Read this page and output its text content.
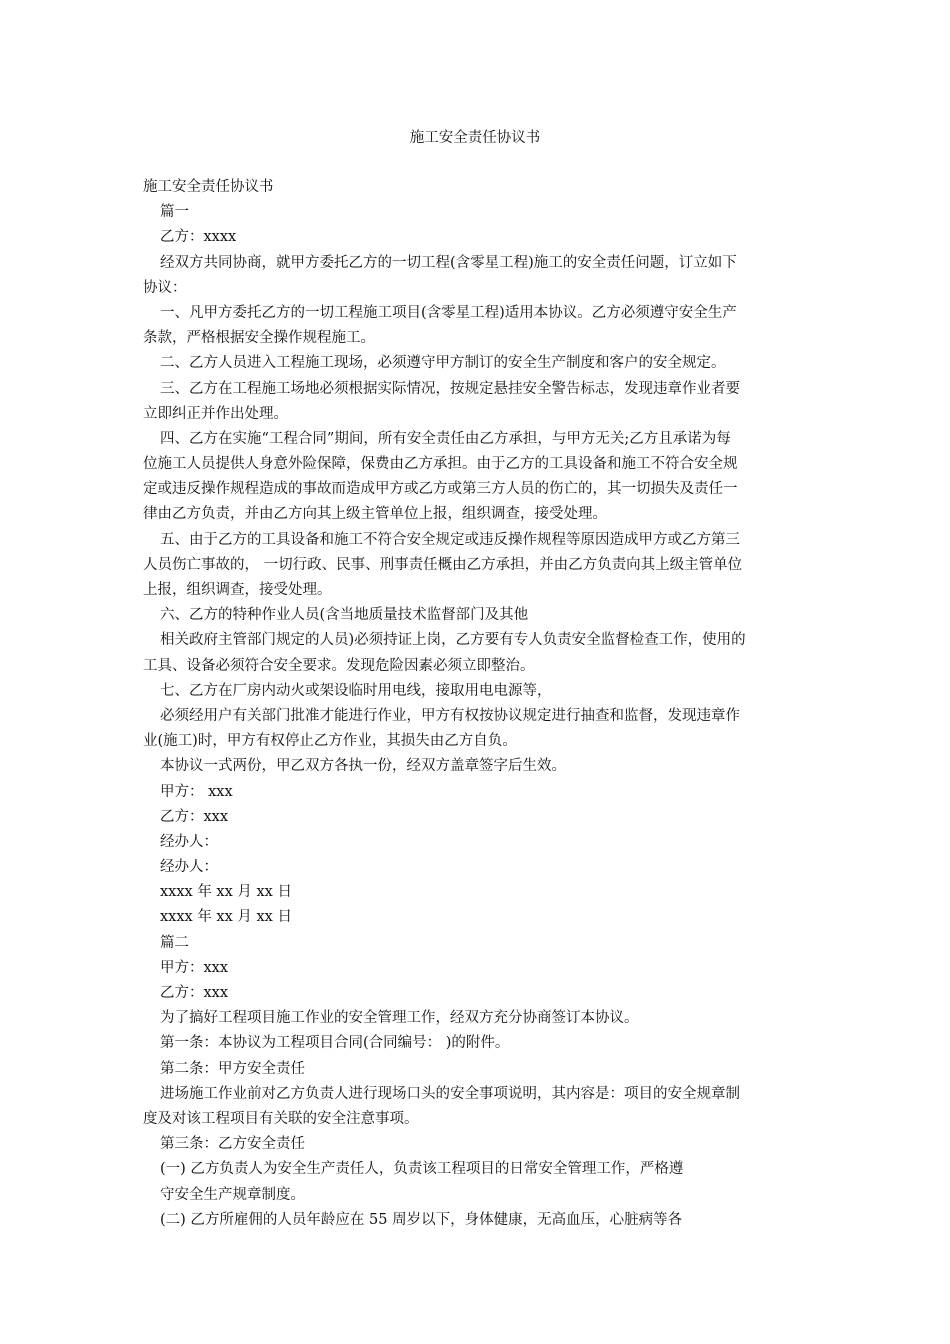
施工安全责任协议书
施工安全责任协议书
篇一
乙方：xxxx
经双方共同协商，就甲方委托乙方的一切工程(含零星工程)施工的安全责任问题，订立如下
协议：
一、凡甲方委托乙方的一切工程施工项目(含零星工程)适用本协议。乙方必须遵守安全生产
条款，严格根据安全操作规程施工。
二、乙方人员进入工程施工现场，必须遵守甲方制订的安全生产制度和客户的安全规定。
三、乙方在工程施工场地必须根据实际情况，按规定悬挂安全警告标志，发现违章作业者要
立即纠正并作出处理。
四、乙方在实施“工程合同”期间，所有安全责任由乙方承担，与甲方无关;乙方且承诺为每
位施工人员提供人身意外险保障，保费由乙方承担。由于乙方的工具设备和施工不符合安全规
定或违反操作规程造成的事故而造成甲方或乙方或第三方人员的伤亡的，其一切损失及责任一
律由乙方负责，并由乙方向其上级主管单位上报，组织调查，接受处理。
五、由于乙方的工具设备和施工不符合安全规定或违反操作规程等原因造成甲方或乙方第三
人员伤亡事故的， 一切行政、民事、刑事责任概由乙方承担，并由乙方负责向其上级主管单位
上报，组织调查，接受处理。
六、乙方的特种作业人员(含当地质量技术监督部门及其他
相关政府主管部门规定的人员)必须持证上岗，乙方要有专人负责安全监督检查工作，使用的
工具、设备必须符合安全要求。发现危险因素必须立即整治。
七、乙方在厂房内动火或架设临时用电线，接取用电电源等，
必须经用户有关部门批准才能进行作业，甲方有权按协议规定进行抽查和监督，发现违章作
业(施工)时，甲方有权停止乙方作业，其损失由乙方自负。
本协议一式两份，甲乙双方各执一份，经双方盖章签字后生效。
甲方： xxx
乙方：xxx
经办人：
经办人：
xxxx 年 xx 月 xx 日
xxxx 年 xx 月 xx 日
篇二
甲方：xxx
乙方：xxx
为了搞好工程项目施工作业的安全管理工作，经双方充分协商签订本协议。
第一条：本协议为工程项目合同(合同编号： )的附件。
第二条：甲方安全责任
进场施工作业前对乙方负责人进行现场口头的安全事项说明，其内容是：项目的安全规章制
度及对该工程项目有关联的安全注意事项。
第三条：乙方安全责任
(一) 乙方负责人为安全生产责任人，负责该工程项目的日常安全管理工作，严格遵
守安全生产规章制度。
(二) 乙方所雇佣的人员年龄应在 55 周岁以下，身体健康，无高血压，心脏病等各
